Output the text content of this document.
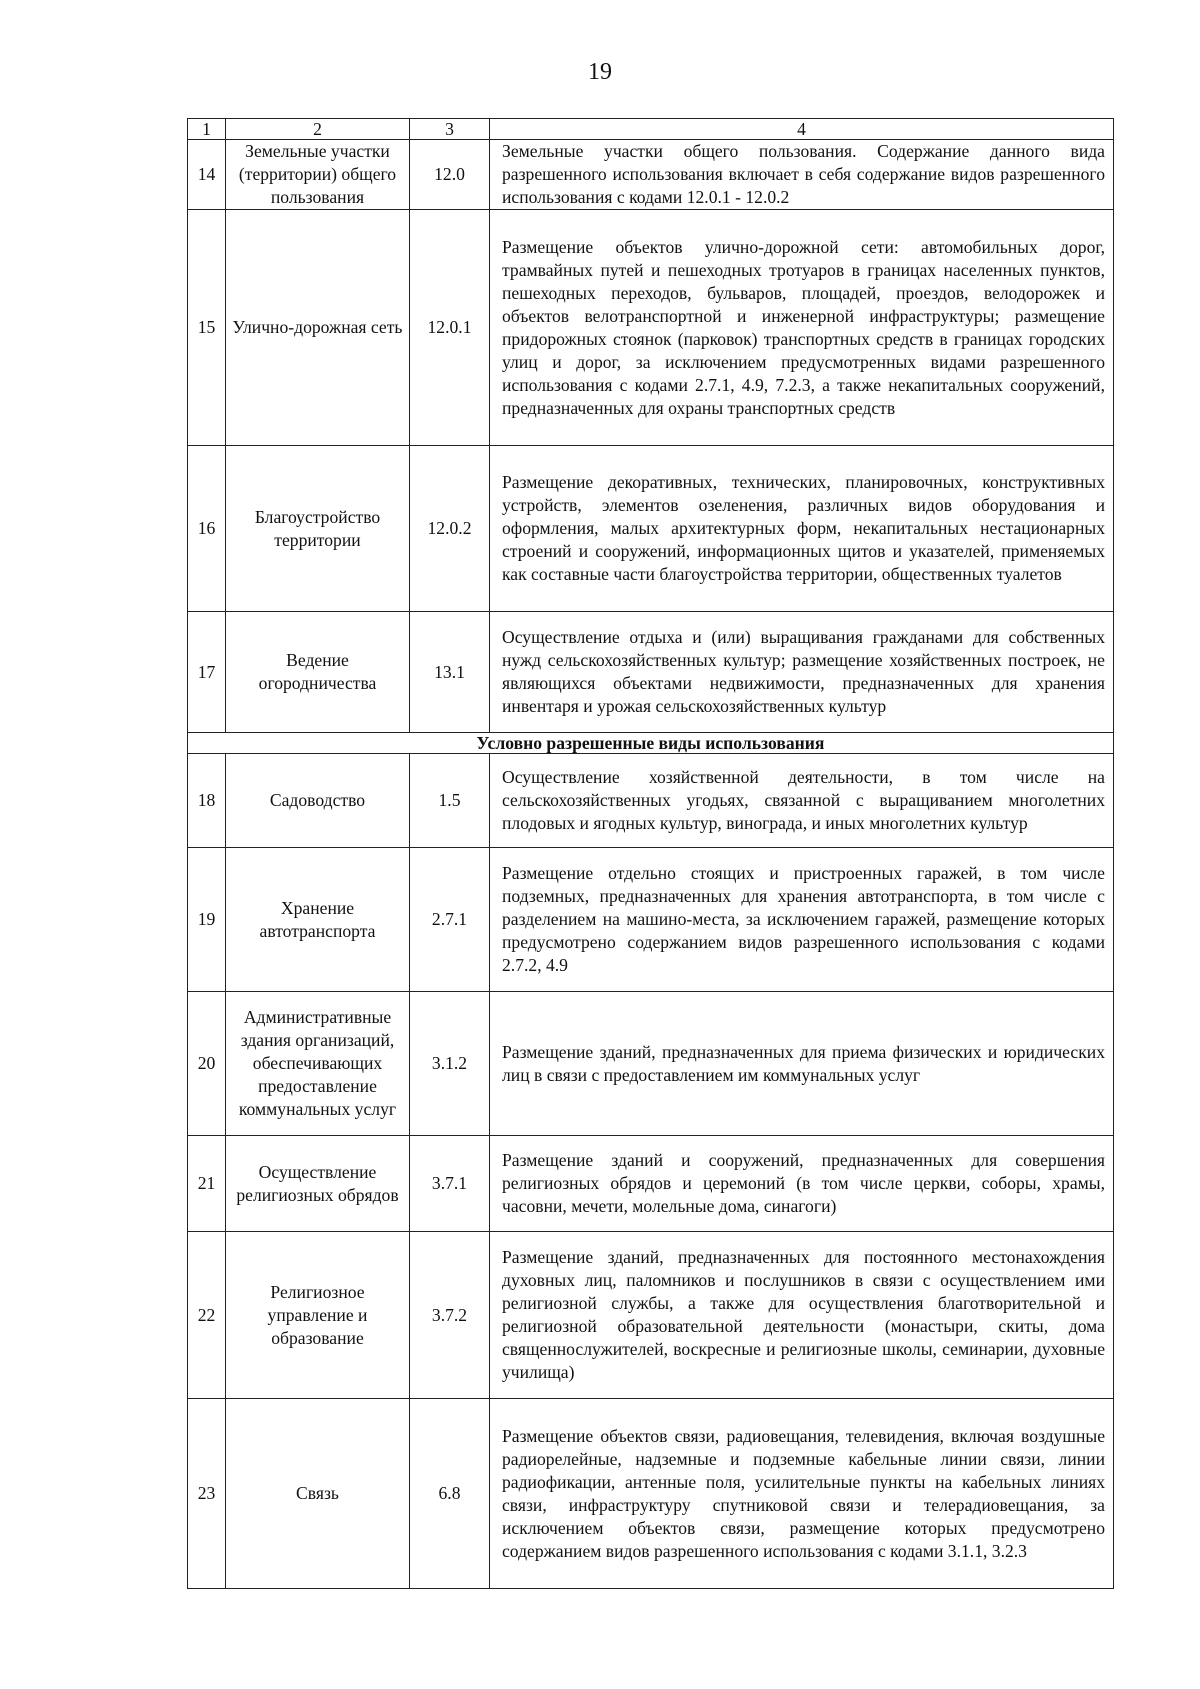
19
1	2	3	4
14	Земельные участки (территории) общего пользования	12.0	Земельные участки общего пользования. Содержание данного вида разрешенного использования включает в себя содержание видов разрешенного использования с кодами 12.0.1 - 12.0.2
15	Улично-дорожная сеть	12.0.1	Размещение объектов улично-дорожной сети: автомобильных дорог, трамвайных путей и пешеходных тротуаров в границах населенных пунктов, пешеходных переходов, бульваров, площадей, проездов, велодорожек и объектов велотранспортной и инженерной инфраструктуры; размещение придорожных стоянок (парковок) транспортных средств в границах городских улиц и дорог, за исключением предусмотренных видами разрешенного использования с кодами 2.7.1, 4.9, 7.2.3, а также некапитальных сооружений, предназначенных для охраны транспортных средств
16	Благоустройство территории	12.0.2	Размещение декоративных, технических, планировочных, конструктивных устройств, элементов озеленения, различных видов оборудования и оформления, малых архитектурных форм, некапитальных нестационарных строений и сооружений, информационных щитов и указателей, применяемых как составные части благоустройства территории, общественных туалетов
17	Ведение огородничества	13.1	Осуществление отдыха и (или) выращивания гражданами для собственных нужд сельскохозяйственных культур; размещение хозяйственных построек, не являющихся объектами недвижимости, предназначенных для хранения инвентаря и урожая сельскохозяйственных культур
Условно разрешенные виды использования			
18	Садоводство	1.5	Осуществление хозяйственной деятельности, в том числе на сельскохозяйственных угодьях, связанной с выращиванием многолетних плодовых и ягодных культур, винограда, и иных многолетних культур
19	Хранение автотранспорта	2.7.1	Размещение отдельно стоящих и пристроенных гаражей, в том числе подземных, предназначенных для хранения автотранспорта, в том числе с разделением на машино-места, за исключением гаражей, размещение которых предусмотрено содержанием видов разрешенного использования с кодами 2.7.2, 4.9
20	Административные здания организаций, обеспечивающих предоставление коммунальных услуг	3.1.2	Размещение зданий, предназначенных для приема физических и юридических лиц в связи с предоставлением им коммунальных услуг
21	Осуществление религиозных обрядов	3.7.1	Размещение зданий и сооружений, предназначенных для совершения религиозных обрядов и церемоний (в том числе церкви, соборы, храмы, часовни, мечети, молельные дома, синагоги)
22	Религиозное управление и образование	3.7.2	Размещение зданий, предназначенных для постоянного местонахождения духовных лиц, паломников и послушников в связи с осуществлением ими религиозной службы, а также для осуществления благотворительной и религиозной образовательной деятельности (монастыри, скиты, дома священнослужителей, воскресные и религиозные школы, семинарии, духовные училища)
23	Связь	6.8	Размещение объектов связи, радиовещания, телевидения, включая воздушные радиорелейные, надземные и подземные кабельные линии связи, линии радиофикации, антенные поля, усилительные пункты на кабельных линиях связи, инфраструктуру спутниковой связи и телерадиовещания, за исключением объектов связи, размещение которых предусмотрено содержанием видов разрешенного использования с кодами 3.1.1, 3.2.3
